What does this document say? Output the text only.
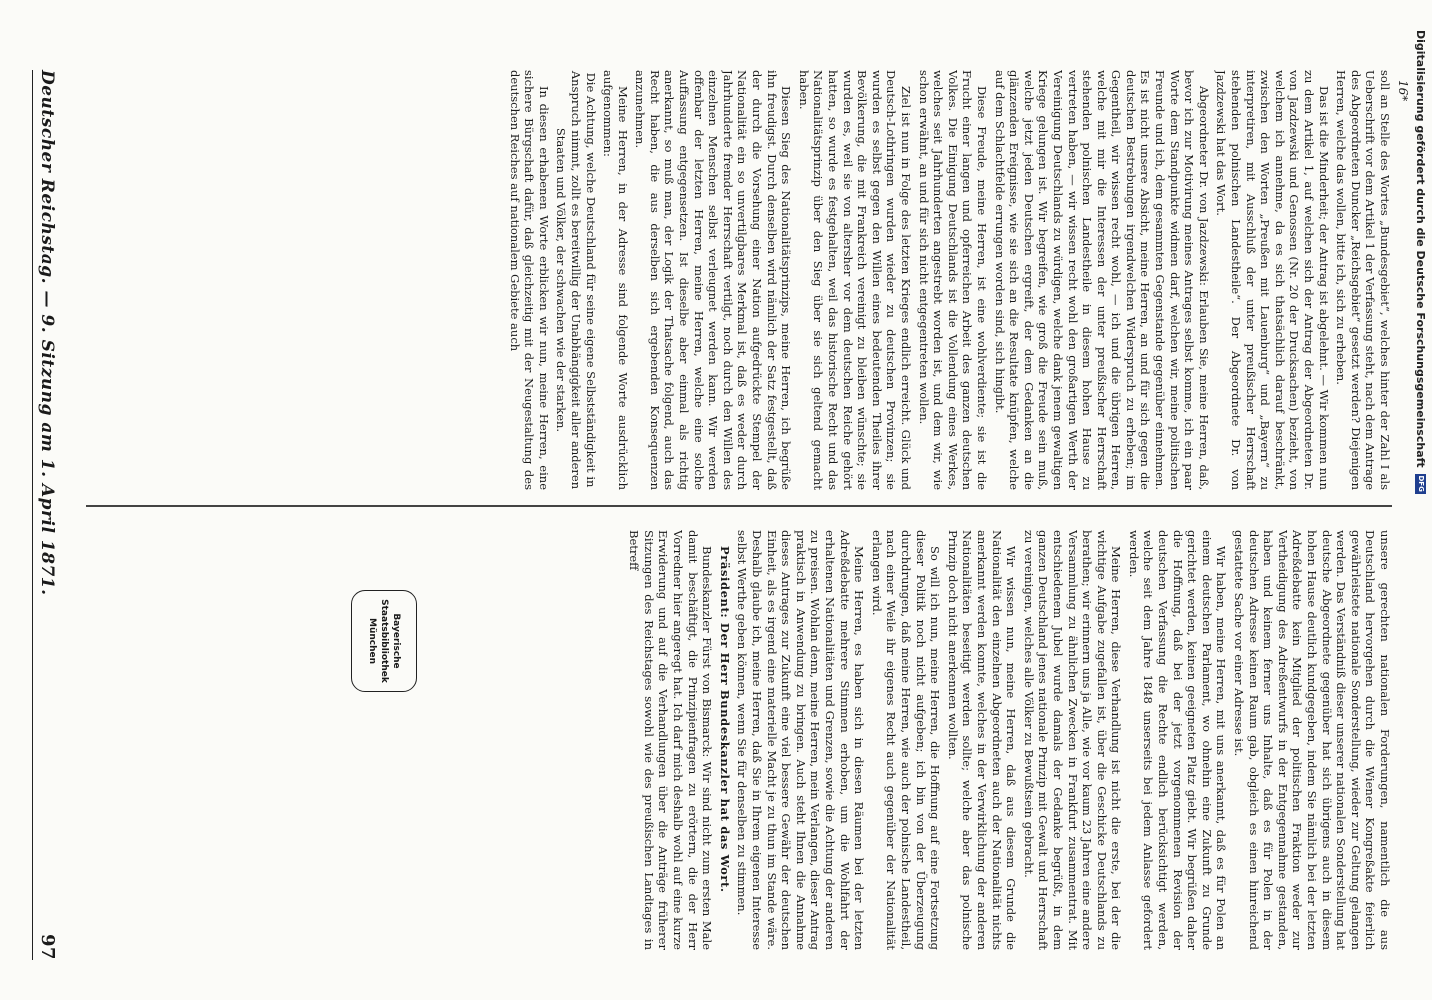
Digitalisierung gefördert durch die Deutsche Forschungsgemeinschaft
DFG
16*

soll an Stelle des Wortes „Bundesgebiet“, welches hinter der Zahl I als Ueberschrift vor dem Artikel 1 der Verfassung steht, nach dem Antrage des Abgeordneten Duncker „Reichsgebiet“ gesetzt werden? Diejenigen Herren, welche das wollen, bitte ich, sich zu erheben.

Das ist die Minderheit; der Antrag ist abgelehnt. — Wir kommen nun zu dem Artikel 1, auf welchen sich der Antrag der Abgeordneten Dr. von Jazdzewski und Genossen (Nr. 20 der Drucksachen) bezieht, von welchem ich annehme, da es sich thatsächlich darauf beschränkt, zwischen den Worten „Preußen mit Lauenburg“ und „Bayern“ zu interpretiren, mit Ausschluß der unter preußischer Herrschaft stehenden polnischen Landestheile“. Der Abgeordnete Dr. von Jazdzewski hat das Wort.

Abgeordneter Dr. von Jazdzewski: Erlauben Sie, meine Herren, daß, bevor ich zur Motivirung meines Antrages selbst komme, ich ein paar Worte dem Standpunkte widmen darf, welchen wir, meine politischen Freunde und ich, dem gesammten Gegenstande gegenüber einnehmen. Es ist nicht unsere Absicht, meine Herren, an und für sich gegen die deutschen Bestrebungen irgendwelchen Widerspruch zu erheben; im Gegentheil, wir wissen recht wohl, — ich und die übrigen Herren, welche mit mir die Interessen der unter preußischer Herrschaft stehenden polnischen Landestheile in diesem hohen Hause zu vertreten haben, — wir wissen recht wohl den großartigen Werth der Vereinigung Deutschlands zu würdigen, welche dank jenem gewaltigen Kriege gelungen ist. Wir begreifen, wie groß die Freude sein muß, welche jetzt jeden Deutschen ergreift, der dem Gedanken an die glänzenden Ereignisse, wie sie sich an die Resultate knüpfen, welche auf dem Schlachtfelde errungen worden sind, sich hingibt.

Diese Freude, meine Herren, ist eine wohlverdiente; sie ist die Frucht einer langen und opferreichen Arbeit des ganzen deutschen Volkes. Die Einigung Deutschlands ist die Vollendung eines Werkes, welches seit Jahrhunderten angestrebt worden ist, und dem wir, wie schon erwähnt, an und für sich nicht entgegentreten wollen.

Ziel ist nun in Folge des letzten Krieges endlich erreicht. Glück und Deutsch-Lothringen wurden wieder zu deutschen Provinzen; sie wurden es selbst gegen den Willen eines bedeutenden Theiles ihrer Bevölkerung, die mit Frankreich vereinigt zu bleiben wünschte; sie wurden es, weil sie von altersher vor dem deutschen Reiche gehört hatten, so wurde es festgehalten, weil das historische Recht und das Nationalitätsprinzip über den Sieg über sie sich geltend gemacht haben.

Diesen Sieg des Nationalitätsprinzips, meine Herren, ich begrüße ihn freudigst. Durch denselben wird nämlich der Satz festgestellt, daß der durch die Vorsehung einer Nation aufgedrückte Stempel der Nationalität ein so unvertilgbares Merkmal ist, daß es weder durch Jahrhunderte fremder Herrschaft vertilgt, noch durch den Willen des einzelnen Menschen selbst verleugnet werden kann. Wir werden offenbar der letzten Herren, meine Herren, welche eine solche Auffassung entgegensetzen. Ist dieselbe aber einmal als richtig anerkannt, so muß man, der Logik der Thatsache folgend, auch das Recht haben, die aus derselben sich ergebenden Konsequenzen anzunehmen.

Meine Herren, in der Adresse sind folgende Worte ausdrücklich aufgenommen:

Die Achtung, welche Deutschland für seine eigene Selbstständigkeit in Anspruch nimmt, zollt es bereitwillig der Unabhängigkeit aller anderen Staaten und Völker, der schwachen wie der starken.

In diesen erhabenen Worte erblicken wir nun, meine Herren, eine sichere Bürgschaft dafür, daß gleichzeitig mit der Neugestaltung des deutschen Reiches auf nationalem Gebiete auch

unsere gerechten nationalen Forderungen, namentlich die aus Deutschland hervorgehen durch die Wiener Kongreßakte feierlich gewährleistete nationale Sonderstellung, wieder zur Geltung gelangen werden. Das Verständniß dieser unserer nationalen Sonderstellung hat deutsche Abgeordnete gegenüber hat sich übrigens auch in diesem hohen Hause deutlich kundgegeben, indem Sie nämlich bei der letzten Adreßdebatte kein Mitglied der politischen Fraktion weder zur Vertheidigung des Adreßentwurfs in der Entgegennahme gestanden, haben und keinem ferner uns Inhalte, daß es für Polen in der deutschen Adresse keinen Raum gab, obgleich es einen hinreichend gestattete Sache vor einer Adresse ist.

Wir haben, meine Herren, mit uns anerkannt, daß es für Polen an einem deutschen Parlament, wo ohnehin eine Zukunft zu Grunde gerichtet werden, keinen geeigneten Platz giebt. Wir begrüßen daher die Hoffnung, daß bei der jetzt vorgenommenen Revision der deutschen Verfassung die Rechte endlich berücksichtigt werden, welche seit dem Jahre 1848 unserseits bei jedem Anlasse gefordert werden.

Meine Herren, diese Verhandlung ist nicht die erste, bei der die wichtige Aufgabe zugefallen ist, über die Geschicke Deutschlands zu berathen; wir erinnern uns ja Alle, wie vor kaum 23 Jahren eine andere Versammlung zu ähnlichen Zwecken in Frankfurt zusammentrat. Mit entschiedenem Jubel wurde damals der Gedanke begrüßt, in dem ganzen Deutschland jenes nationale Prinzip mit Gewalt und Herrschaft zu vereinigen, welches alle Völker zu Bewußtsein gebracht.

Wir wissen nun, meine Herren, daß aus diesem Grunde die Nationalität den einzelnen Abgeordneten auch der Nationalität nichts anerkannt werden konnte, welches in der Verwirklichung der anderen Nationalitäten beseitigt werden sollte; welche aber das polnische Prinzip doch nicht anerkennen wollten.

So will ich nun, meine Herren, die Hoffnung auf eine Fortsetzung dieser Politik noch nicht aufgeben; ich bin von der Überzeugung durchdrungen, daß meine Herren, wie auch der polnische Landestheil, nach einer Weile ihr eigenes Recht auch gegenüber der Nationalität erlangen wird.

Meine Herren, es haben sich in diesen Räumen bei der letzten Adreßdebatte mehrere Stimmen erhoben, um die Wohlfahrt der erhaltenen Nationalitäten und Grenzen, sowie die Achtung der anderen zu preisen. Wohlan denn, meine Herren, mein Verlangen, dieser Antrag praktisch in Anwendung zu bringen. Auch steht Ihnen die Annahme dieses Antrages zur Zukunft eine viel bessere Gewähr der deutschen Einheit, als es irgend eine materielle Macht je zu thun im Stande wäre. Deshalb glaube ich, meine Herren, daß Sie in Ihrem eigenen Interesse selbst Werthe geben können, wenn Sie für denselben zu stimmen.

Präsident: Der Herr Bundeskanzler hat das Wort.

Bundeskanzler Fürst von Bismarck: Wir sind nicht zum ersten Male damit beschäftigt, die Prinzipienfragen zu erörtern, die der Herr Vorredner hier angeregt hat. Ich darf mich deshalb wohl auf eine kurze Erwiderung und auf die Verhandlungen über die Anträge früherer Sitzungen des Reichstages sowohl wie des preußischen Landtages in Betreff

Bayerische
Staatsbibliothek
München
Deutscher Reichstag. — 9. Sitzung am 1. April 1871.
97
